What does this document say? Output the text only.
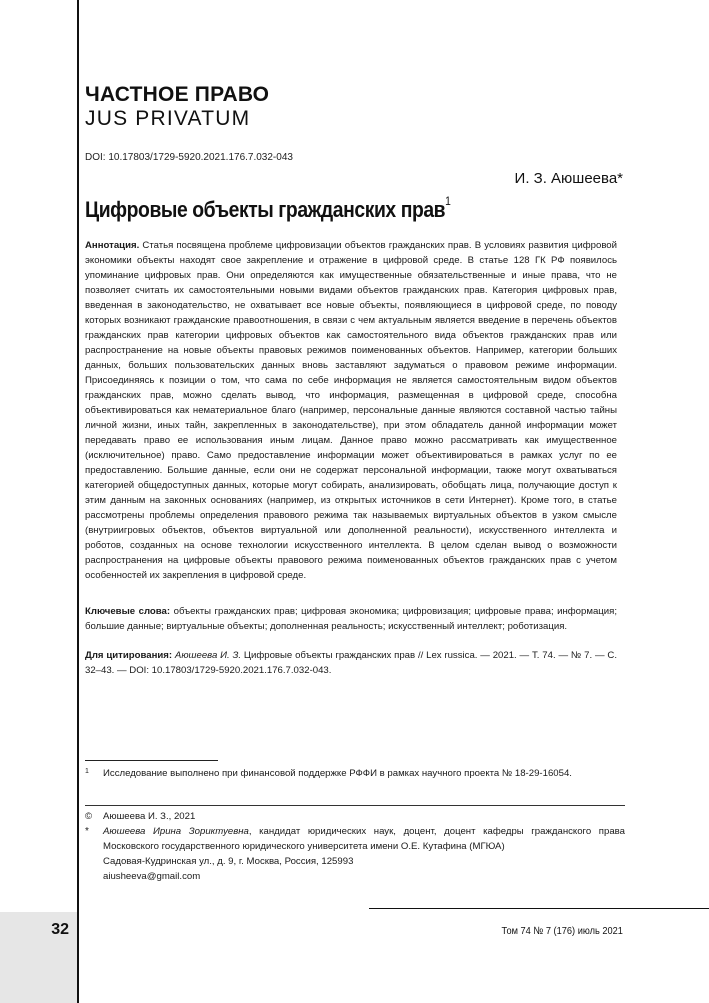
32
ЧАСТНОЕ ПРАВО
JUS PRIVATUM
DOI: 10.17803/1729-5920.2021.176.7.032-043
И. З. Аюшеева*
Цифровые объекты гражданских прав$^1$
Аннотация. Статья посвящена проблеме цифровизации объектов гражданских прав. В условиях развития цифровой экономики объекты находят свое закрепление и отражение в цифровой среде. В статье 128 ГК РФ появилось упоминание цифровых прав. Они определяются как имущественные обязательственные и иные права, что не позволяет считать их самостоятельными новыми видами объектов гражданских прав. Категория цифровых прав, введенная в законодательство, не охватывает все новые объекты, появляющиеся в цифровой среде, по поводу которых возникают гражданские правоотношения, в связи с чем актуальным является введение в перечень объектов гражданских прав категории цифровых объектов как самостоятельного вида объектов гражданских прав или распространение на новые объекты правовых режимов поименованных объектов. Например, категории больших данных, больших пользовательских данных вновь заставляют задуматься о правовом режиме информации. Присоединяясь к позиции о том, что сама по себе информация не является самостоятельным видом объектов гражданских прав, можно сделать вывод, что информация, размещенная в цифровой среде, способна объективироваться как нематериальное благо (например, персональные данные являются составной частью тайны личной жизни, иных тайн, закрепленных в законодательстве), при этом обладатель данной информации может передавать право ее использования иным лицам. Данное право можно рассматривать как имущественное (исключительное) право. Само предоставление информации может объективироваться в рамках услуг по ее предоставлению. Большие данные, если они не содержат персональной информации, также могут охватываться категорией общедоступных данных, которые могут собирать, анализировать, обобщать лица, получающие доступ к этим данным на законных основаниях (например, из открытых источников в сети Интернет). Кроме того, в статье рассмотрены проблемы определения правового режима так называемых виртуальных объектов в узком смысле (внутриигровых объектов, объектов виртуальной или дополненной реальности), искусственного интеллекта и роботов, созданных на основе технологии искусственного интеллекта. В целом сделан вывод о возможности распространения на цифровые объекты правового режима поименованных объектов гражданских прав с учетом особенностей их закрепления в цифровой среде.
Ключевые слова: объекты гражданских прав; цифровая экономика; цифровизация; цифровые права; информация; большие данные; виртуальные объекты; дополненная реальность; искусственный интеллект; роботизация.
Для цитирования: Аюшеева И. З. Цифровые объекты гражданских прав // Lex russica. — 2021. — Т. 74. — № 7. — С. 32–43. — DOI: 10.17803/1729-5920.2021.176.7.032-043.
1 Исследование выполнено при финансовой поддержке РФФИ в рамках научного проекта № 18-29-16054.
© Аюшеева И. З., 2021
* Аюшеева Ирина Зориктуевна, кандидат юридических наук, доцент, доцент кафедры гражданского права Московского государственного юридического университета имени О.Е. Кутафина (МГЮА)
Садовая-Кудринская ул., д. 9, г. Москва, Россия, 125993
aiusheeva@gmail.com
Том 74 № 7 (176) июль 2021
